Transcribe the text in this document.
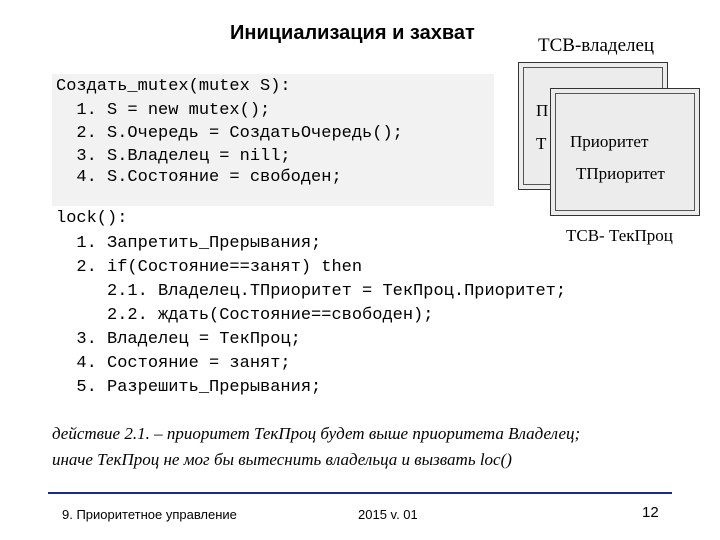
Инициализация и захват
TCB-владелец
Создать_mutex(mutex S):
1. S = new mutex();
2. S.Очередь = СоздатьОчередь();
3. S.Владелец = nill;
4. S.Состояние = свободен;
П
Т Приоритет
TПриоритет
TCB- ТекПроц
lock():
1. Запретить_Прерывания;
2. if(Состояние==занят) then
2.1. Владелец.TПриоритет = ТекПроц.Приоритет;
2.2. ждать(Состояние==свободен);
3. Владелец = ТекПроц;
4. Состояние = занят;
5. Разрешить_Прерывания;
действие 2.1. – приоритет ТекПроц будет выше приоритета Владелец;
иначе ТекПроц не мог бы вытеснить владельца и вызвать loc()
9. Приоритетное управление	2015 v. 01	12
